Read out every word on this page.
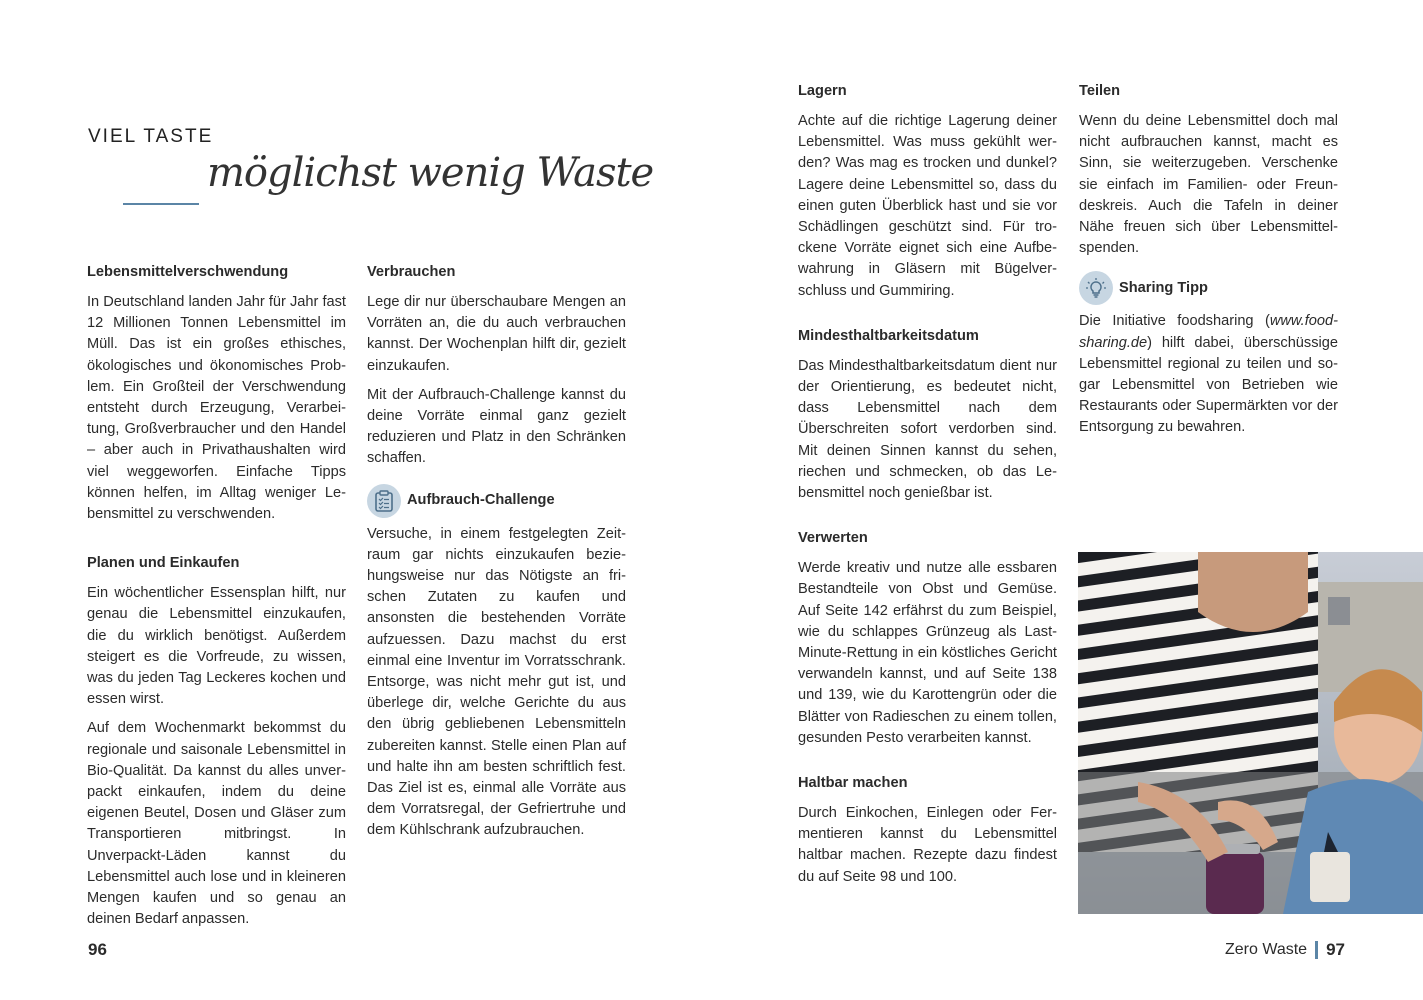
VIEL TASTE
möglichst wenig Waste
Lebensmittelverschwendung

In Deutschland landen Jahr für Jahr fast 12 Millionen Tonnen Lebensmittel im Müll. Das ist ein großes ethisches, ökologisches und ökonomisches Problem. Ein Großteil der Verschwendung entsteht durch Erzeugung, Verarbeitung, Großverbraucher und den Handel – aber auch in Privathaushalten wird viel weggeworfen. Einfache Tipps können helfen, im Alltag weniger Lebensmittel zu verschwenden.

Planen und Einkaufen

Ein wöchentlicher Essensplan hilft, nur genau die Lebensmittel einzukaufen, die du wirklich benötigst. Außerdem steigert es die Vorfreude, zu wissen, was du jeden Tag Leckeres kochen und essen wirst.

Auf dem Wochenmarkt bekommst du regionale und saisonale Lebensmittel in Bio-Qualität. Da kannst du alles unverpackt einkaufen, indem du deine eigenen Beutel, Dosen und Gläser zum Transportieren mitbringst. In Unverpackt-Läden kannst du Lebensmittel auch lose und in kleineren Mengen kaufen und so genau an deinen Bedarf anpassen.

Verbrauchen

Lege dir nur überschaubare Mengen an Vorräten an, die du auch verbrauchen kannst. Der Wochenplan hilft dir, gezielt einzukaufen.

Mit der Aufbrauch-Challenge kannst du deine Vorräte einmal ganz gezielt reduzieren und Platz in den Schränken schaffen.

Aufbrauch-Challenge

Versuche, in einem festgelegten Zeitraum gar nichts einzukaufen beziehungsweise nur das Nötigste an frischen Zutaten zu kaufen und ansonsten die bestehenden Vorräte aufzuessen. Dazu machst du erst einmal eine Inventur im Vorratsschrank. Entsorge, was nicht mehr gut ist, und überlege dir, welche Gerichte du aus den übrig gebliebenen Lebensmitteln zubereiten kannst. Stelle einen Plan auf und halte ihn am besten schriftlich fest. Das Ziel ist es, einmal alle Vorräte aus dem Vorratsregal, der Gefriertruhe und dem Kühlschrank aufzubrauchen.

Lagern

Achte auf die richtige Lagerung deiner Lebensmittel. Was muss gekühlt werden? Was mag es trocken und dunkel? Lagere deine Lebensmittel so, dass du einen guten Überblick hast und sie vor Schädlingen geschützt sind. Für trockene Vorräte eignet sich eine Aufbewahrung in Gläsern mit Bügelverschluss und Gummiring.

Mindesthaltbarkeitsdatum

Das Mindesthaltbarkeitsdatum dient nur der Orientierung, es bedeutet nicht, dass Lebensmittel nach dem Überschreiten sofort verdorben sind. Mit deinen Sinnen kannst du sehen, riechen und schmecken, ob das Lebensmittel noch genießbar ist.

Verwerten

Werde kreativ und nutze alle essbaren Bestandteile von Obst und Gemüse. Auf Seite 142 erfährst du zum Beispiel, wie du schlappes Grünzeug als Last-Minute-Rettung in ein köstliches Gericht verwandeln kannst, und auf Seite 138 und 139, wie du Karottengrün oder die Blätter von Radieschen zu einem tollen, gesunden Pesto verarbeiten kannst.

Haltbar machen

Durch Einkochen, Einlegen oder Fermentieren kannst du Lebensmittel haltbar machen. Rezepte dazu findest du auf Seite 98 und 100.

Teilen

Wenn du deine Lebensmittel doch mal nicht aufbrauchen kannst, macht es Sinn, sie weiterzugeben. Verschenke sie einfach im Familien- oder Freundeskreis. Auch die Tafeln in deiner Nähe freuen sich über Lebensmittelspenden.

Sharing Tipp

Die Initiative foodsharing (www.foodsharing.de) hilft dabei, überschüssige Lebensmittel regional zu teilen und sogar Lebensmittel von Betrieben wie Restaurants oder Supermärkten vor der Entsorgung zu bewahren.

96	Zero Waste 97
